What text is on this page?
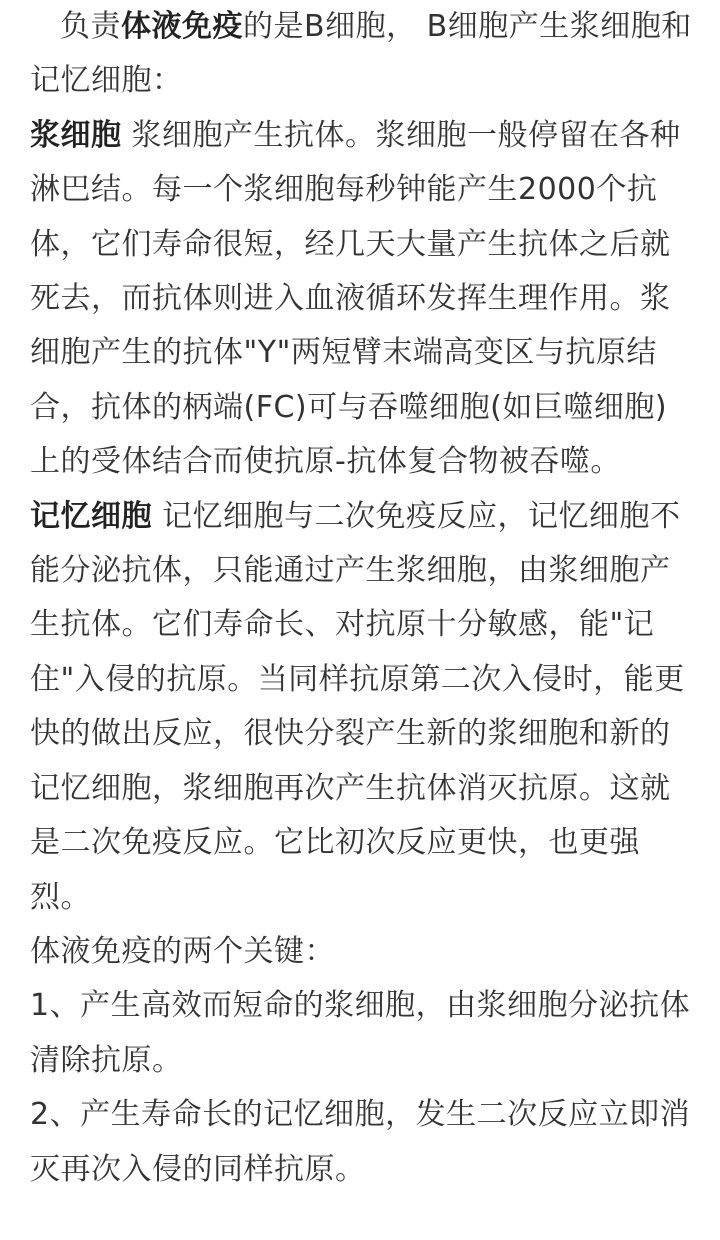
负责体液免疫的是B细胞， B细胞产生浆细胞和记忆细胞：

浆细胞 浆细胞产生抗体。浆细胞一般停留在各种淋巴结。每一个浆细胞每秒钟能产生2000个抗体，它们寿命很短，经几天大量产生抗体之后就死去，而抗体则进入血液循环发挥生理作用。浆细胞产生的抗体"Y"两短臂末端高变区与抗原结合，抗体的柄端(FC)可与吞噬细胞(如巨噬细胞)上的受体结合而使抗原-抗体复合物被吞噬。

记忆细胞 记忆细胞与二次免疫反应，记忆细胞不能分泌抗体，只能通过产生浆细胞，由浆细胞产生抗体。它们寿命长、对抗原十分敏感，能"记住"入侵的抗原。当同样抗原第二次入侵时，能更快的做出反应，很快分裂产生新的浆细胞和新的记忆细胞，浆细胞再次产生抗体消灭抗原。这就是二次免疫反应。它比初次反应更快，也更强烈。

体液免疫的两个关键：

1、产生高效而短命的浆细胞，由浆细胞分泌抗体清除抗原。

2、产生寿命长的记忆细胞，发生二次反应立即消灭再次入侵的同样抗原。
